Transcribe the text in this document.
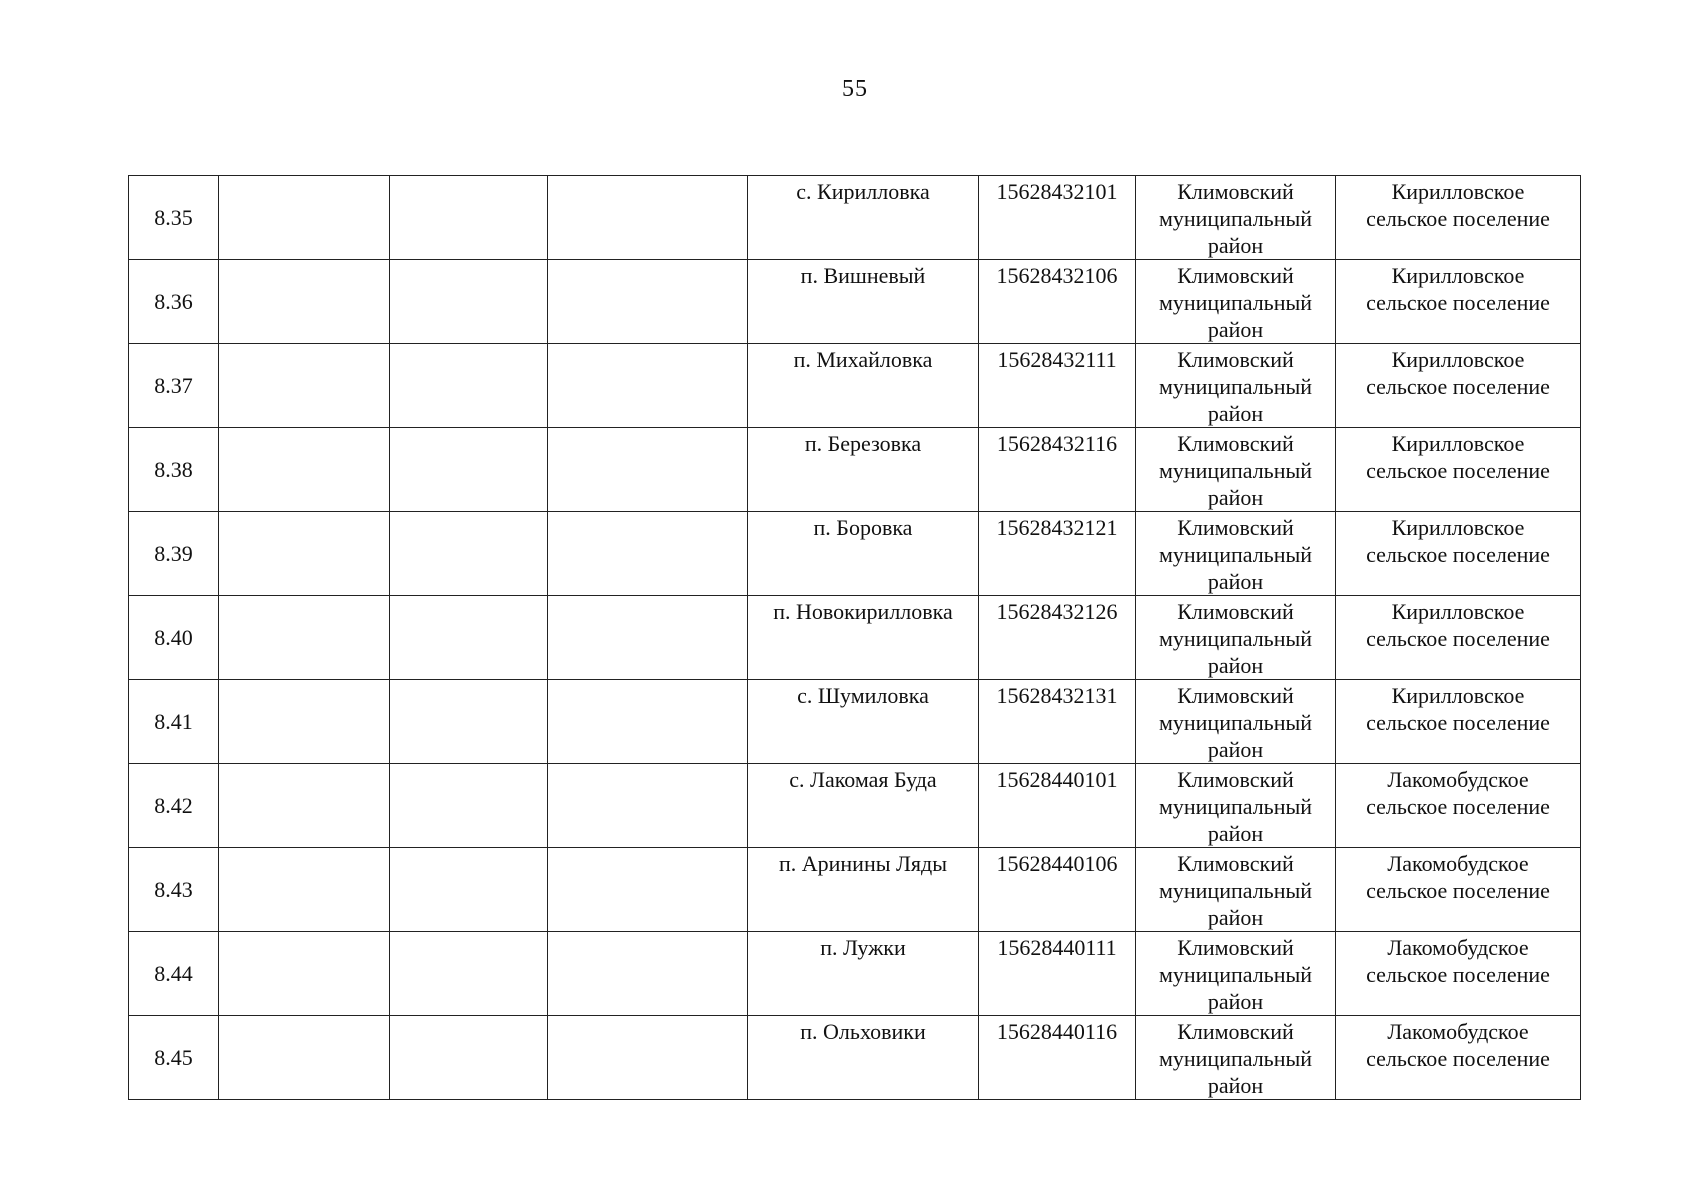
55
8.35				с. Кирилловка	15628432101	Климовский
муниципальный
район	Кирилловское
сельское поселение

8.36				п. Вишневый	15628432106	Климовский
муниципальный
район	Кирилловское
сельское поселение

8.37				п. Михайловка	15628432111	Климовский
муниципальный
район	Кирилловское
сельское поселение

8.38				п. Березовка	15628432116	Климовский
муниципальный
район	Кирилловское
сельское поселение

8.39				п. Боровка	15628432121	Климовский
муниципальный
район	Кирилловское
сельское поселение

8.40				п. Новокирилловка	15628432126	Климовский
муниципальный
район	Кирилловское
сельское поселение

8.41				с. Шумиловка	15628432131	Климовский
муниципальный
район	Кирилловское
сельское поселение

8.42				с. Лакомая Буда	15628440101	Климовский
муниципальный
район	Лакомобудское
сельское поселение

8.43				п. Аринины Ляды	15628440106	Климовский
муниципальный
район	Лакомобудское
сельское поселение

8.44				п. Лужки	15628440111	Климовский
муниципальный
район	Лакомобудское
сельское поселение

8.45				п. Ольховики	15628440116	Климовский
муниципальный
район	Лакомобудское
сельское поселение
